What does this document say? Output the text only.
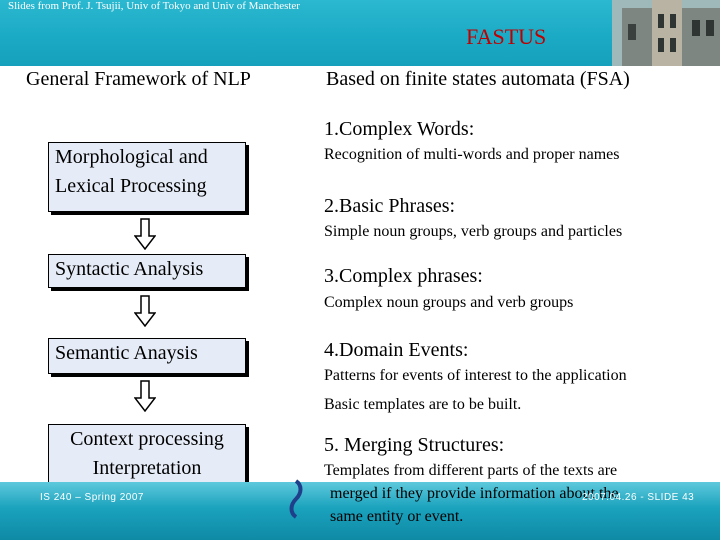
Slides from Prof. J. Tsujii, Univ of Tokyo and Univ of Manchester
FASTUS
General Framework of NLP
Morphological and Lexical Processing
Syntactic Analysis
Semantic Anaysis
Context processing Interpretation
Based on finite states automata (FSA)
1.Complex Words:
Recognition of multi-words and proper names
2.Basic Phrases:
Simple noun groups, verb groups and particles
3.Complex phrases:
Complex noun groups and verb groups
4.Domain Events:
Patterns for events of interest to the application
Basic templates are to be built.
5. Merging Structures:
Templates from different parts of the texts are
merged if they provide information about the
same entity or event.
IS 240 – Spring 2007	2007.04.26 - SLIDE 43
